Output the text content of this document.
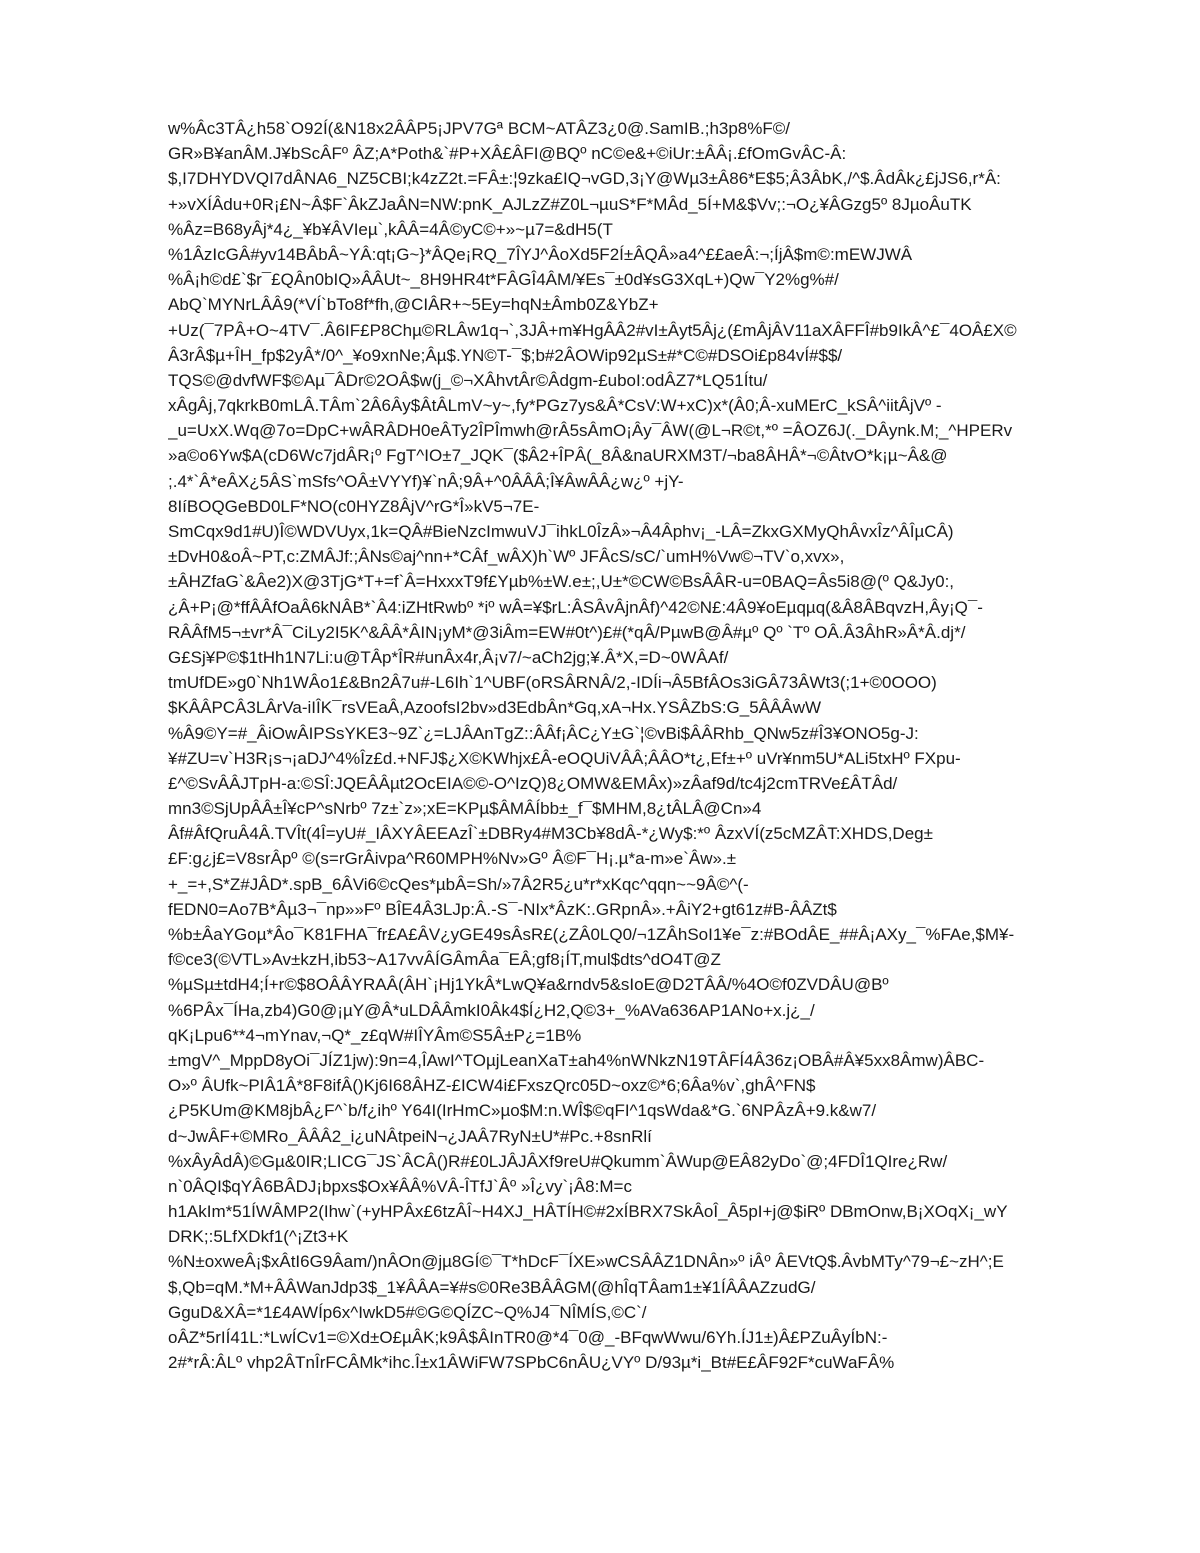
w%Âc3TÂ¿h58`O92Í(&N18x2ÂÂP5¡JPV7Gª BCM~ATÂZ3¿0@.SamIB.;h3p8%F©/
GR»B¥anÂM.J¥bScÂFº ÂZ;A*Poth&`#P+XÂ£ÂFI@BQº nC©e&+©iUr:±ÂÂ¡.£fOmGvÂC-Â:
$,I7DHYDVQI7dÂNA6_NZ5CBI;k4zZ2t.=FÂ±:¦9zka£IQ¬vGD,3¡Y@Wµ3±Â86*E$5;Â3ÂbK,/^$.ÂdÂk¿£jJS6,r*Â:
+»vXÍÂdu+0R¡£N~Â$F`ÂkZJaÂN=NW:pnK_AJLzZ#Z0L¬µuS*F*MÂd_5Í+M&$Vv;:¬O¿¥ÂGzg5º 8JµoÂuTK
%Âz=B68yÂj*4¿_¥b¥ÂVIeµ`,kÂÂ=4Â©yC©+»~µ7=&dH5(T
%1ÂzIcGÂ#yv14BÂbÂ~YÂ:qt¡G~}*ÂQe¡RQ_7ÎYJ^ÂoXd5F2Í±ÂQÂ»a4^££aeÂ:¬;ÍjÂ$m©:mEWJWÂ
%Â¡h©d£`$r¯£QÂn0bIQ»ÂÂUt~_8H9HR4t*FÂGÎ4ÂM/¥Es¯±0d¥sG3XqL+)Qw¯Y2%g%#/
AbQ`MYNrLÂÂ9(*VÍ`bTo8f*fh,@CIÂR+~5Ey=hqN±Âmb0Z&YbZ+
+Uz(¯7PÂ+O~4TV¯.Â6IF£P8Chµ©RLÂw1q¬`,3JÂ+m¥HgÂÂ2#vI±Âyt5Âj¿(£mÂjÂV11aXÂFFÎ#b9IkÂ^£¯4OÂ£X©
Â3rÂ$µ+ÎH_fp$2yÂ*/0^_¥o9xnNe;Âµ$.YN©T-¯$;b#2ÂOWip92µS±#*C©#DSOi£p84vÍ#$$/
TQS©@dvfWF$©Aµ¯ÂDr©2OÂ$w(j_©¬XÂhvtÂr©Âdgm-£uboI:odÂZ7*LQ51Ítu/
xÂgÂj,7qkrkB0mLÂ.TÂm`2Â6Ây$ÂtÂLmV~y~,fy*PGz7ys&Â*CsV:W+xC)x*(Â0;Â-xuMErC_kSÂ^iitÂjVº -
_u=UxX.Wq@7o=DpC+wÂRÂDH0eÂTy2ÎPÎmwh@rÂ5sÂmO¡Ây¯ÂW(@L¬R©t,*º =ÂOZ6J(._DÂynk.M;_^HPERv
»a©o6Yw$A(cD6Wc7jdÂR¡º FgT^IO±7_JQK¯($Â2+ÎPÂ(_8Â&naURXM3T/¬ba8ÂHÂ*¬©ÂtvO*k¡µ~Â&@
;.4*`Â*eÂX¿5ÂS`mSfs^OÂ±VYYf)¥`nÂ;9Â+^0ÂÂÂ;Î¥ÂwÂÂ¿w¿º +jY-
8IíBOQGeBD0LF*NO(c0HYZ8ÂjV^rG*Î»kV5¬7E-
SmCqx9d1#U)Î©WDVUyx,1k=QÂ#BieNzcImwuVJ¯ihkL0ÎzÂ»¬Â4Âphv¡_-LÂ=ZkxGXMyQhÂvxÎz^ÂÎµCÂ)
±DvH0&oÂ~PT,c:ZMÂJf:;ÂNs©aj^nn+*CÂf_wÂX)h`Wº JFÂcS/sC/`umH%Vw©¬TV`o,xvx»,
±ÂHZfaG`&Âe2)X@3TjG*T+=f`Â=HxxxT9f£Yµb%±W.e±;,U±*©CW©BsÂÂR-u=0BAQ=Âs5i8@(º Q&Jy0:,
¿Â+P¡@*ffÂÂfOaÂ6kNÂB*`Â4:iZHtRwbº *iº wÂ=¥$rL:ÂSÂvÂjnÂf)^42©N£:4Â9¥oEµqµq(&Â8ÂBqvzH,Ây¡Q¯-
RÂÂfM5¬±vr*Â¯CiLy2I5K^&ÂÂ*ÂIN¡yM*@3iÂm=EW#0t^)£#(*qÂ/PµwB@Â#µº Qº `Tº OÂ.Â3ÂhR»Â*Â.dj*/
G£Sj¥P©$1tHh1N7Li:u@TÂp*ÎR#unÂx4r,Â¡v7/~aCh2jg;¥.Â*X,=D~0WÂAf/
tmUfDE»g0`Nh1WÂo1£&Bn2Â7u#-L6Ih`1^UBF(oRSÂRNÂ/2,-IDÍi¬Â5BfÂOs3iGÂ73ÂWt3(;1+©0OOO)
$KÂÂPCÂ3LÂrVa-iIÎK¯rsVEaÂ,AzoofsI2bv»d3EdbÂn*Gq,xA¬Hx.YSÂZbS:G_5ÂÂÂwW
%Â9©Y=#_ÂiOwÂIPSsYKE3~9Z`¿=LJÂAnTgZ::ÂÂf¡ÂC¿Y±G`¦©vBi$ÂÂRhb_QNw5z#Î3¥ONO5g-J:
¥#ZU=v`H3R¡s¬¡aDJ^4%Îz£d.+NFJ$¿X©KWhjx£Â-eOQUiVÂÂ;ÂÂO*t¿,Ef±+º uVr¥nm5U*ALi5txHº FXpu-
£^©SvÂÂJTpH-a:©SÎ:JQEÂÂµt2OcEIA©©-O^IzQ)8¿OMW&EMÂx)»zÂaf9d/tc4j2cmTRVe£ÂTÂd/
mn3©SjUpÂÂ±Î¥cP^sNrbº 7z±`z»;xE=KPµ$ÂMÂÍbb±_f¯$MHM,8¿tÂLÂ@Cn»4
Âf#ÂfQruÂ4Â.TVÎt(4Î=yU#_IÂXYÂEEAzÎ`±DBRy4#M3Cb¥8dÂ-*¿Wy$:*º ÂzxVÍ(z5cMZÂT:XHDS,Deg±
£F:g¿j£=V8srÂpº ©(s=rGrÂivpa^R60MPH%Nv»Gº Â©F¯H¡.µ*a-m»e`Âw».±
+_=+,S*Z#JÂD*.spB_6ÂVi6©cQes*µbÂ=Sh/»7Â2R5¿u*r*xKqc^qqn~~9Â©^(-
fEDN0=Ao7B*Âµ3¬¯np»»Fº BÎE4Â3LJp:Â.-S¯-NIx*ÂzK:.GRpnÂ».+ÂiY2+gt61z#B-ÂÂZt$
%b±ÂaYGoµ*Âo¯K81FHA¯fr£A£ÂV¿yGE49sÂsR£(¿ZÂ0LQ0/¬1ZÂhSoI1¥e¯z:#BOdÂE_##Â¡AXy_¯%FAe,$M¥-
f©ce3(©VTL»Av±kzH,ib53~A17vvÂÍGÂmÂa¯EÂ;gf8¡ÍT,mul$dts^dO4T@Z
%µSµ±tdH4;Í+r©$8OÂÂYRAÂ(ÂH`¡Hj1YkÂ*LwQ¥a&rndv5&sIoE@D2TÂÂ/%4O©f0ZVDÂU@Bº
%6PÂx¯ÍHa,zb4)G0@¡µY@Â*uLDÂÂmkI0Âk4$Í¿H2,Q©3+_%AVa636AP1ANo+x.j¿_/
qK¡Lpu6**4¬mYnav,¬Q*_z£qW#IÎYÂm©S5Â±P¿=1B%
±mgV^_MppD8yOi¯JÍZ1jw):9n=4,ÎAwI^TOµjLeanXaT±ah4%nWNkzN19TÂFÍ4Â36z¡OBÂ#Â¥5xx8Âmw)ÂBC-
O»º ÂUfk~PIÂ1Â*8F8ifÂ()Kj6I68ÂHZ-£ICW4i£FxszQrc05D~oxz©*6;6Âa%v`,ghÂ^FN$
¿P5KUm@KM8jbÂ¿F^`b/f¿ihº Y64I(IrHmC»µo$M:n.WÎ$©qFI^1qsWda&*G.`6NPÂzÂ+9.k&w7/
d~JwÂF+©MRo_ÂÂÂ2_i¿uNÂtpeiN¬¿JAÂ7RyN±U*#Pc.+8snRlí
%xÂyÂdÂ)©Gµ&0IR;LICG¯JS`ÂCÂ()R#£0LJÂJÂXf9reU#Qkumm`ÂWup@EÂ82yDo`@;4FDÎ1QIre¿Rw/
n`0ÂQI$qYÂ6BÂDJ¡bpxs$Ox¥ÂÂ%VÂ-ÎTfJ`Âº »Î¿vy`¡Â8:M=c
h1AkIm*51ÍWÂMP2(Ihw`(+yHPÂx£6tzÂÎ~H4XJ_HÂTÍH©#2xÍBRX7SkÂoÎ_Â5pI+j@$iRº DBmOnw,B¡XOqX¡_wY
DRK;:5LfXDkf1(^¡Zt3+K
%N±oxweÂ¡$xÂtI6G9Âam/)nÂOn@jµ8GÍ©¯T*hDcF¯ÍXE»wCSÂÂZ1DNÂn»º iÂº ÂEVtQ$.ÂvbMTy^79¬£~zH^;E
$,Qb=qM.*M+ÂÂWanJdp3$_1¥ÂÂA=¥#s©0Re3BÂÂGM(@hÎqTÂam1±¥1ÍÂÂAZzudG/
GguD&XÂ=*1£4AWÍp6x^IwkD5#©G©QÍZC~Q%J4¯NÎMÍS,©C`/
oÂZ*5rIÍ41L:*LwÍCv1=©Xd±O£µÂK;k9Â$ÂInTR0@*4¯0@_-BFqwWwu/6Yh.ÍJ1±)Â£PZuÂyÍbN:-
2#*rÂ:ÂLº vhp2ÂTnÎrFCÂMk*ihc.Î±x1ÂWiFW7SPbC6nÂU¿VYº D/93µ*i_Bt#E£ÂF92F*cuWaFÂ%
